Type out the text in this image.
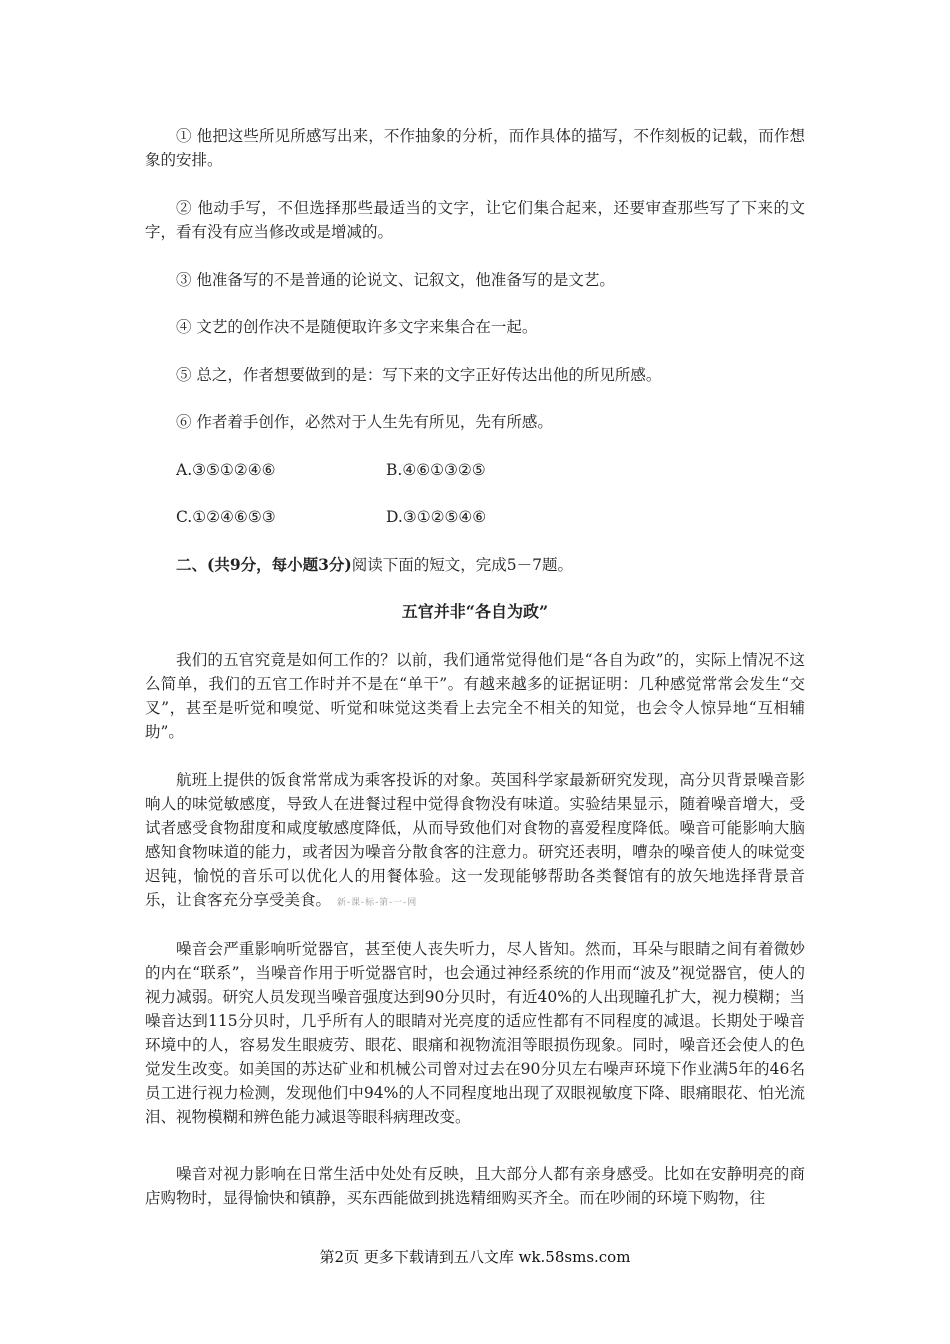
① 他把这些所见所感写出来，不作抽象的分析，而作具体的描写，不作刻板的记载，而作想象的安排。

② 他动手写，不但选择那些最适当的文字，让它们集合起来，还要审查那些写了下来的文字，看有没有应当修改或是增减的。

③ 他准备写的不是普通的论说文、记叙文，他准备写的是文艺。

④ 文艺的创作决不是随便取许多文字来集合在一起。

⑤ 总之，作者想要做到的是：写下来的文字正好传达出他的所见所感。

⑥ 作者着手创作，必然对于人生先有所见，先有所感。

A.③⑤①②④⑥	B.④⑥①③②⑤
C.①②④⑥⑤③	D.③①②⑤④⑥
二、(共9分，每小题3分)阅读下面的短文，完成5－7题。
五官并非“各自为政”

我们的五官究竟是如何工作的？以前，我们通常觉得他们是“各自为政”的，实际上情况不这么简单，我们的五官工作时并不是在“单干”。有越来越多的证据证明：几种感觉常常会发生“交叉”，甚至是听觉和嗅觉、听觉和味觉这类看上去完全不相关的知觉，也会令人惊异地“互相辅助”。

航班上提供的饭食常常成为乘客投诉的对象。英国科学家最新研究发现，高分贝背景噪音影响人的味觉敏感度，导致人在进餐过程中觉得食物没有味道。实验结果显示，随着噪音增大，受试者感受食物甜度和咸度敏感度降低，从而导致他们对食物的喜爱程度降低。噪音可能影响大脑感知食物味道的能力，或者因为噪音分散食客的注意力。研究还表明，嘈杂的噪音使人的味觉变迟钝，愉悦的音乐可以优化人的用餐体验。这一发现能够帮助各类餐馆有的放矢地选择背景音乐，让食客充分享受美食。 新-课-标-第-一-网

噪音会严重影响听觉器官，甚至使人丧失听力，尽人皆知。然而，耳朵与眼睛之间有着微妙的内在“联系”，当噪音作用于听觉器官时，也会通过神经系统的作用而“波及”视觉器官，使人的视力减弱。研究人员发现当噪音强度达到90分贝时，有近40%的人出现瞳孔扩大，视力模糊；当噪音达到115分贝时，几乎所有人的眼睛对光亮度的适应性都有不同程度的减退。长期处于噪音环境中的人，容易发生眼疲劳、眼花、眼痛和视物流泪等眼损伤现象。同时，噪音还会使人的色觉发生改变。如美国的苏达矿业和机械公司曾对过去在90分贝左右噪声环境下作业满5年的46名员工进行视力检测，发现他们中94%的人不同程度地出现了双眼视敏度下降、眼痛眼花、怕光流泪、视物模糊和辨色能力减退等眼科病理改变。

噪音对视力影响在日常生活中处处有反映，且大部分人都有亲身感受。比如在安静明亮的商店购物时，显得愉快和镇静，买东西能做到挑选精细购买齐全。而在吵闹的环境下购物，往

第2页 更多下载请到五八文库 wk.58sms.com
